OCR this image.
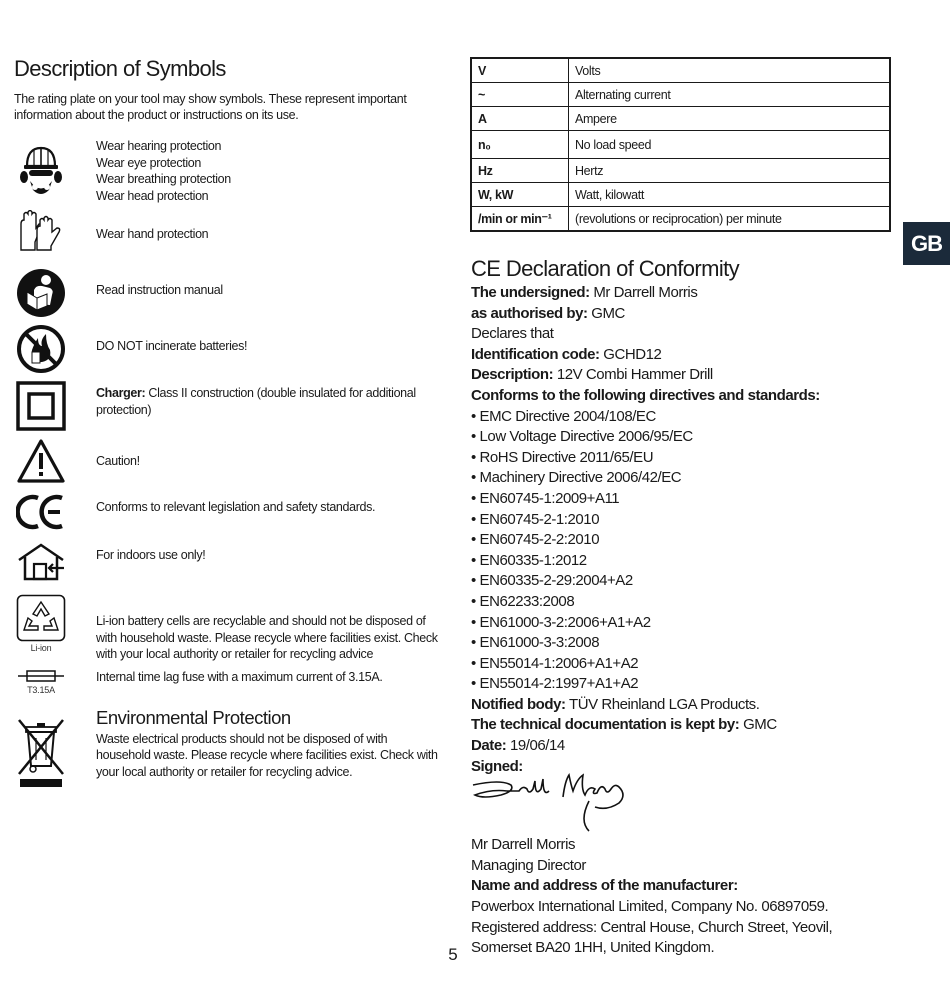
Description of Symbols
The rating plate on your tool may show symbols. These represent important information about the product or instructions on its use.
Wear hearing protection
Wear eye protection
Wear breathing protection
Wear head protection
Wear hand protection
Read instruction manual
DO NOT incinerate batteries!
Charger: Class II construction (double insulated for additional protection)
Caution!
Conforms to relevant legislation and safety standards.
For indoors use only!
Li-ion
Li-ion battery cells are recyclable and should not be disposed of with household waste. Please recycle where facilities exist. Check with your local authority or retailer for recycling advice
T3.15A
Internal time lag fuse with a maximum current of 3.15A.
Environmental Protection
Waste electrical products should not be disposed of with household waste. Please recycle where facilities exist. Check with your local authority or retailer for recycling advice.
V	Volts
~	Alternating current
A	Ampere
n₀	No load speed
Hz	Hertz
W, kW	Watt, kilowatt
/min or min⁻¹	(revolutions or reciprocation) per minute
GB
CE Declaration of Conformity
The undersigned: Mr Darrell Morris
as authorised by: GMC
Declares that
Identification code: GCHD12
Description: 12V Combi Hammer Drill
Conforms to the following directives and standards:
• EMC Directive 2004/108/EC
• Low Voltage Directive 2006/95/EC
• RoHS Directive 2011/65/EU
• Machinery Directive 2006/42/EC
• EN60745-1:2009+A11
• EN60745-2-1:2010
• EN60745-2-2:2010
• EN60335-1:2012
• EN60335-2-29:2004+A2
• EN62233:2008
• EN61000-3-2:2006+A1+A2
• EN61000-3-3:2008
• EN55014-1:2006+A1+A2
• EN55014-2:1997+A1+A2
Notified body: TÜV Rheinland LGA Products.
The technical documentation is kept by: GMC
Date: 19/06/14
Signed:
Mr Darrell Morris
Managing Director
Name and address of the manufacturer:
Powerbox International Limited, Company No. 06897059. Registered address: Central House, Church Street, Yeovil, Somerset BA20 1HH, United Kingdom.
5
